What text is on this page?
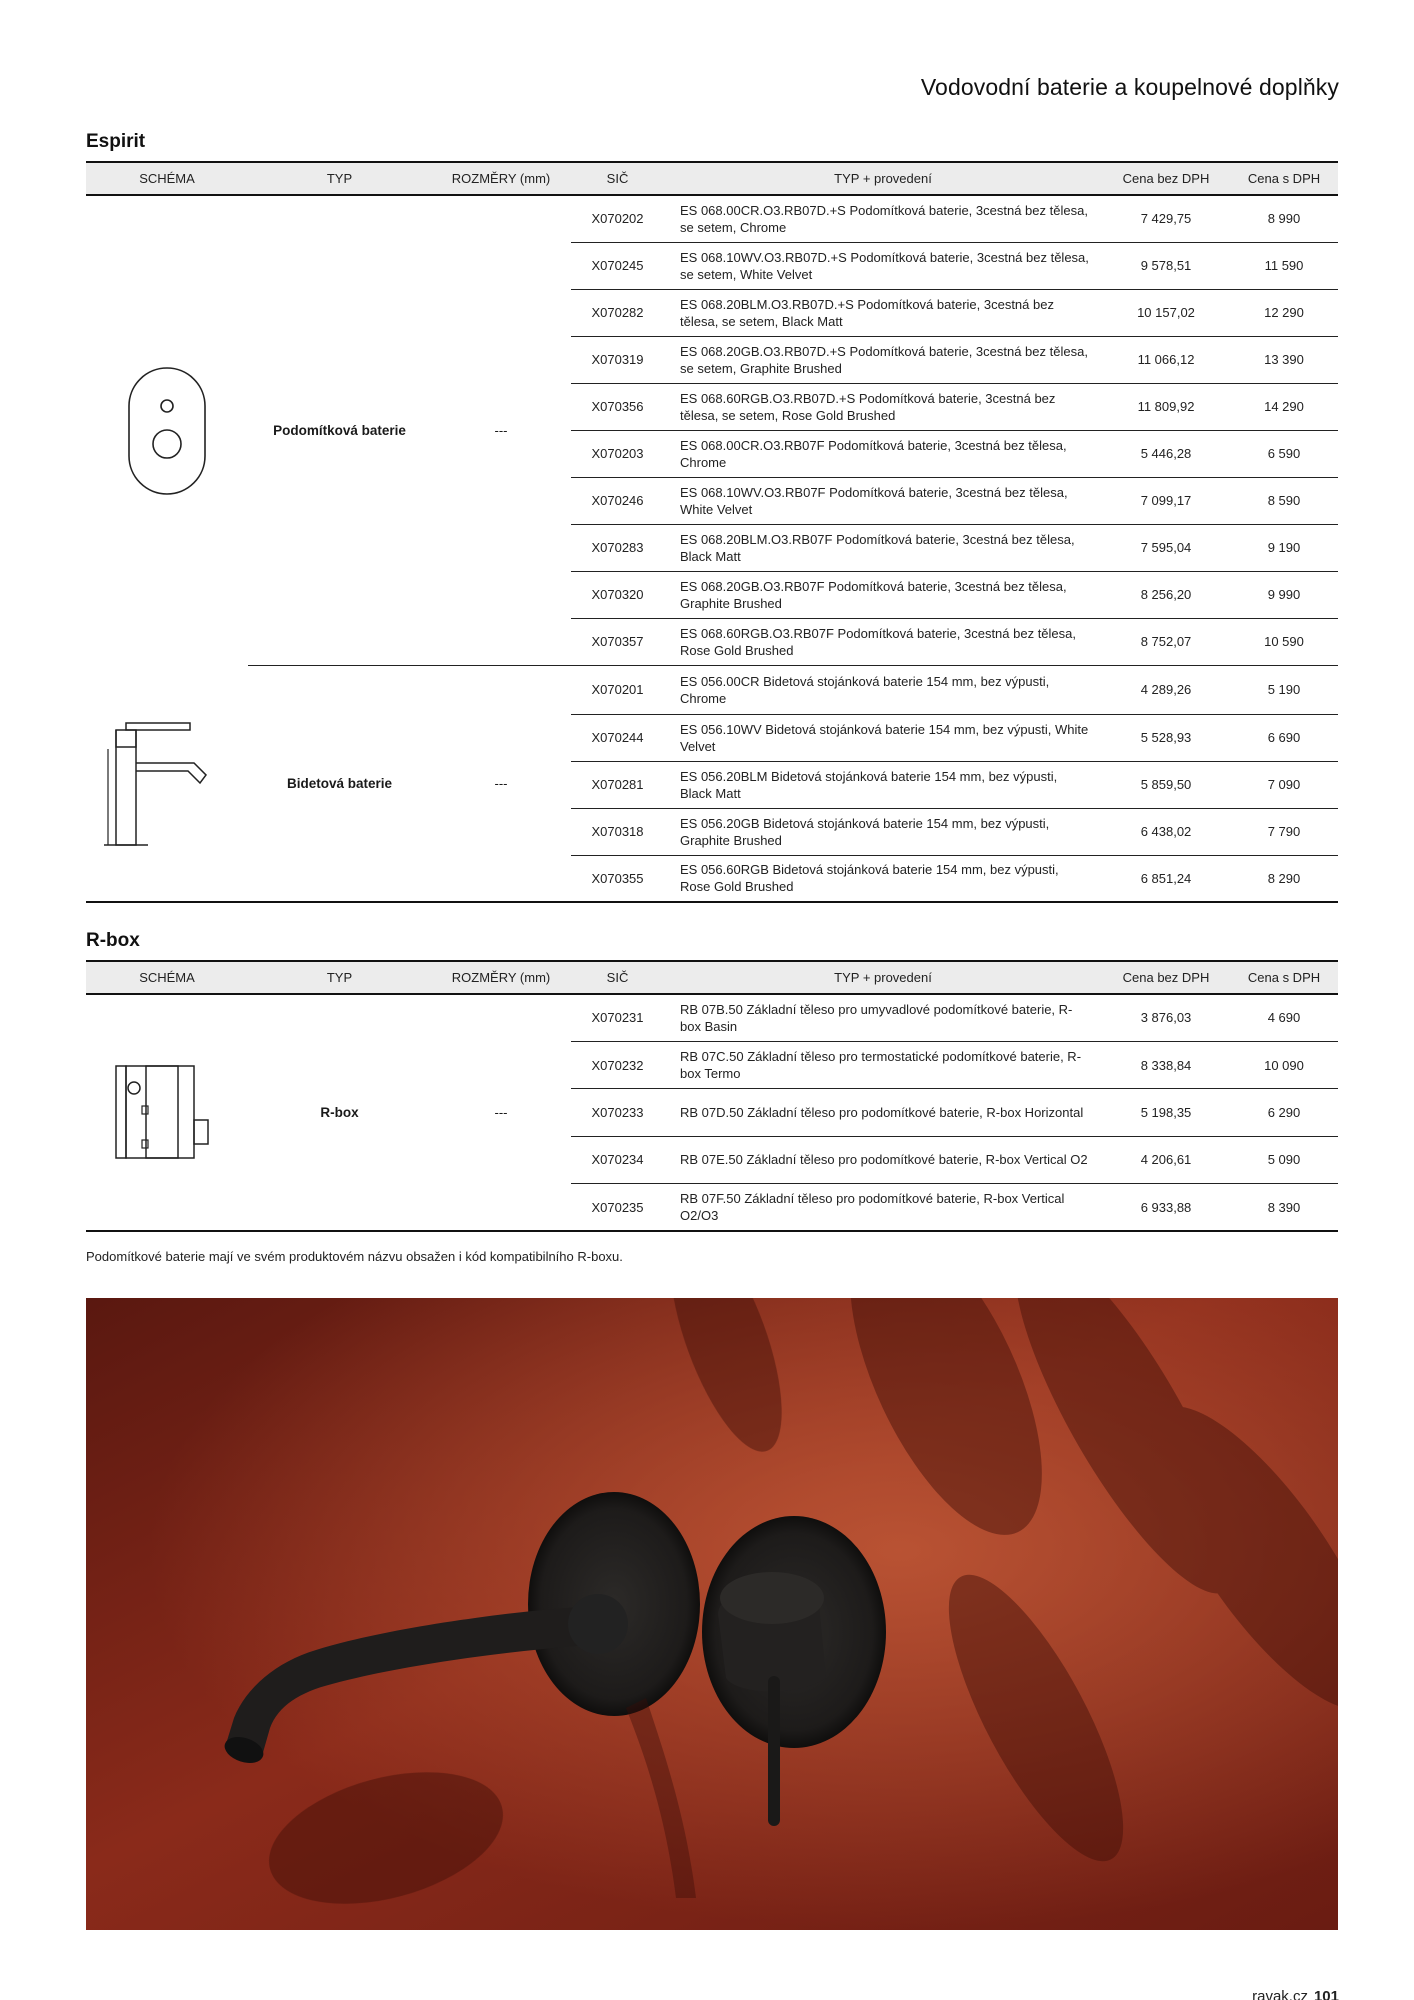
Vodovodní baterie a koupelnové doplňky
Espirit
SCHÉMA	TYP	ROZMĚRY (mm)	SIČ	TYP + provedení	Cena bez DPH	Cena s DPH

	Podomítková baterie	---	X070202	ES 068.00CR.O3.RB07D.+S Podomítková baterie, 3cestná bez tělesa, se setem, Chrome	7 429,75	8 990
			X070245	ES 068.10WV.O3.RB07D.+S Podomítková baterie, 3cestná bez tělesa, se setem, White Velvet	9 578,51	11 590
			X070282	ES 068.20BLM.O3.RB07D.+S Podomítková baterie, 3cestná bez tělesa, se setem, Black Matt	10 157,02	12 290
			X070319	ES 068.20GB.O3.RB07D.+S Podomítková baterie, 3cestná bez tělesa, se setem, Graphite Brushed	11 066,12	13 390
			X070356	ES 068.60RGB.O3.RB07D.+S Podomítková baterie, 3cestná bez tělesa, se setem, Rose Gold Brushed	11 809,92	14 290
			X070203	ES 068.00CR.O3.RB07F Podomítková baterie, 3cestná bez tělesa, Chrome	5 446,28	6 590
			X070246	ES 068.10WV.O3.RB07F Podomítková baterie, 3cestná bez tělesa, White Velvet	7 099,17	8 590
			X070283	ES 068.20BLM.O3.RB07F Podomítková baterie, 3cestná bez tělesa, Black Matt	7 595,04	9 190
			X070320	ES 068.20GB.O3.RB07F Podomítková baterie, 3cestná bez tělesa, Graphite Brushed	8 256,20	9 990
			X070357	ES 068.60RGB.O3.RB07F Podomítková baterie, 3cestná bez tělesa, Rose Gold Brushed	8 752,07	10 590
	Bidetová baterie	---	X070201	ES 056.00CR Bidetová stojánková baterie 154 mm, bez výpusti, Chrome	4 289,26	5 190
			X070244	ES 056.10WV Bidetová stojánková baterie 154 mm, bez výpusti, White Velvet	5 528,93	6 690
			X070281	ES 056.20BLM Bidetová stojánková baterie 154 mm, bez výpusti, Black Matt	5 859,50	7 090
			X070318	ES 056.20GB Bidetová stojánková baterie 154 mm, bez výpusti, Graphite Brushed	6 438,02	7 790
			X070355	ES 056.60RGB Bidetová stojánková baterie 154 mm, bez výpusti, Rose Gold Brushed	6 851,24	8 290
R-box
SCHÉMA	TYP	ROZMĚRY (mm)	SIČ	TYP + provedení	Cena bez DPH	Cena s DPH

	R-box	---	X070231	RB 07B.50 Základní těleso pro umyvadlové podomítkové baterie, R-box Basin	3 876,03	4 690
			X070232	RB 07C.50 Základní těleso pro termostatické podomítkové baterie, R-box Termo	8 338,84	10 090
			X070233	RB 07D.50 Základní těleso pro podomítkové baterie, R-box Horizontal	5 198,35	6 290
			X070234	RB 07E.50 Základní těleso pro podomítkové baterie, R-box Vertical O2	4 206,61	5 090
			X070235	RB 07F.50 Základní těleso pro podomítkové baterie, R-box Vertical O2/O3	6 933,88	8 390
Podomítkové baterie mají ve svém produktovém názvu obsažen i kód kompatibilního R-boxu.
ravak.cz 101
